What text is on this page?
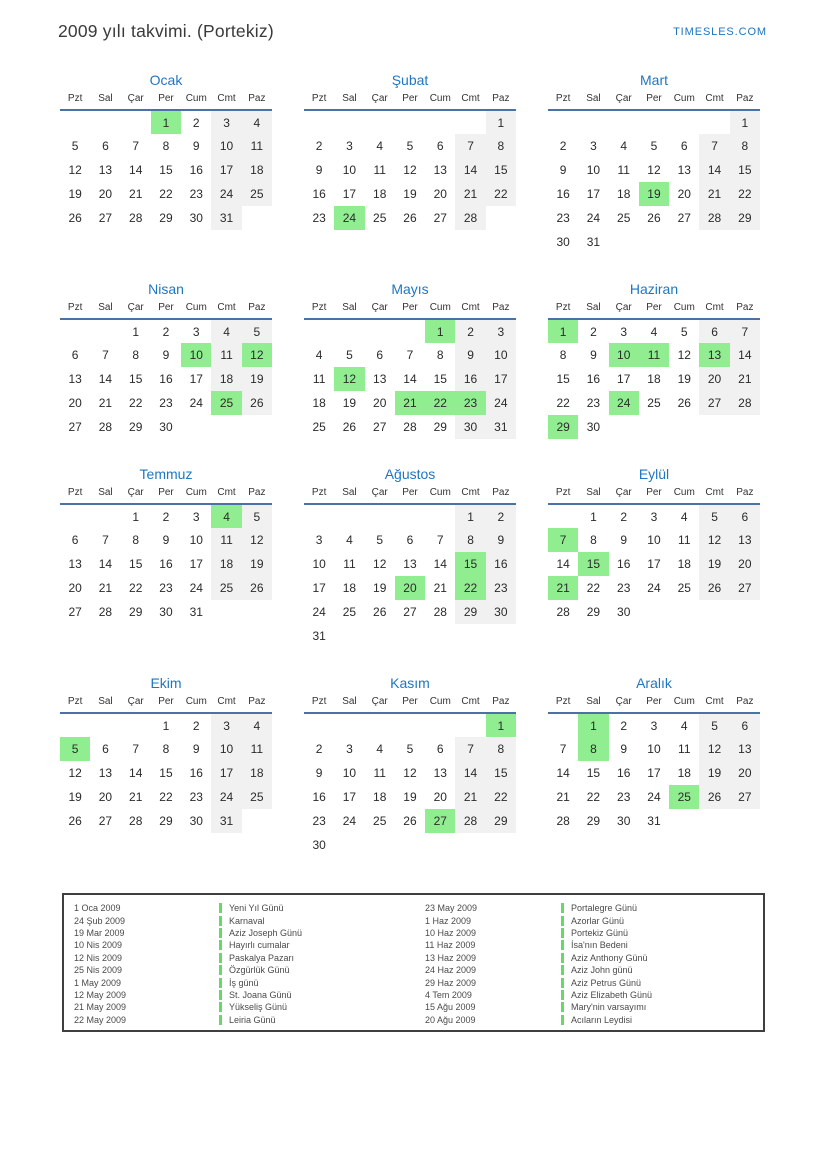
2009 yılı takvimi. (Portekiz)	TIMESLES.COM
Ocak
Pzt	Sal	Çar	Per	Cum	Cmt	Paz
			1	2	3	4
5	6	7	8	9	10	11
12	13	14	15	16	17	18
19	20	21	22	23	24	25
26	27	28	29	30	31	
Şubat
Pzt	Sal	Çar	Per	Cum	Cmt	Paz
						1
2	3	4	5	6	7	8
9	10	11	12	13	14	15
16	17	18	19	20	21	22
23	24	25	26	27	28	
Mart
Pzt	Sal	Çar	Per	Cum	Cmt	Paz
						1
2	3	4	5	6	7	8
9	10	11	12	13	14	15
16	17	18	19	20	21	22
23	24	25	26	27	28	29
30	31					
Nisan
Pzt	Sal	Çar	Per	Cum	Cmt	Paz
		1	2	3	4	5
6	7	8	9	10	11	12
13	14	15	16	17	18	19
20	21	22	23	24	25	26
27	28	29	30			
Mayıs
Pzt	Sal	Çar	Per	Cum	Cmt	Paz
				1	2	3
4	5	6	7	8	9	10
11	12	13	14	15	16	17
18	19	20	21	22	23	24
25	26	27	28	29	30	31
Haziran
Pzt	Sal	Çar	Per	Cum	Cmt	Paz
1	2	3	4	5	6	7
8	9	10	11	12	13	14
15	16	17	18	19	20	21
22	23	24	25	26	27	28
29	30					
Temmuz
Pzt	Sal	Çar	Per	Cum	Cmt	Paz
		1	2	3	4	5
6	7	8	9	10	11	12
13	14	15	16	17	18	19
20	21	22	23	24	25	26
27	28	29	30	31		
Ağustos
Pzt	Sal	Çar	Per	Cum	Cmt	Paz
					1	2
3	4	5	6	7	8	9
10	11	12	13	14	15	16
17	18	19	20	21	22	23
24	25	26	27	28	29	30
31						
Eylül
Pzt	Sal	Çar	Per	Cum	Cmt	Paz
	1	2	3	4	5	6
7	8	9	10	11	12	13
14	15	16	17	18	19	20
21	22	23	24	25	26	27
28	29	30				
Ekim
Pzt	Sal	Çar	Per	Cum	Cmt	Paz
			1	2	3	4
5	6	7	8	9	10	11
12	13	14	15	16	17	18
19	20	21	22	23	24	25
26	27	28	29	30	31	
Kasım
Pzt	Sal	Çar	Per	Cum	Cmt	Paz
						1
2	3	4	5	6	7	8
9	10	11	12	13	14	15
16	17	18	19	20	21	22
23	24	25	26	27	28	29
30						
Aralık
Pzt	Sal	Çar	Per	Cum	Cmt	Paz
	1	2	3	4	5	6
7	8	9	10	11	12	13
14	15	16	17	18	19	20
21	22	23	24	25	26	27
28	29	30	31			
1 Oca 2009	Yeni Yıl Günü
24 Şub 2009	Karnaval
19 Mar 2009	Aziz Joseph Günü
10 Nis 2009	Hayırlı cumalar
12 Nis 2009	Paskalya Pazarı
25 Nis 2009	Özgürlük Günü
1 May 2009	İş günü
12 May 2009	St. Joana Günü
21 May 2009	Yükseliş Günü
22 May 2009	Leiria Günü
23 May 2009	Portalegre Günü
1 Haz 2009	Azorlar Günü
10 Haz 2009	Portekiz Günü
11 Haz 2009	İsa'nın Bedeni
13 Haz 2009	Aziz Anthony Günü
24 Haz 2009	Aziz John günü
29 Haz 2009	Aziz Petrus Günü
4 Tem 2009	Aziz Elizabeth Günü
15 Ağu 2009	Mary'nin varsayımı
20 Ağu 2009	Acıların Leydisi
